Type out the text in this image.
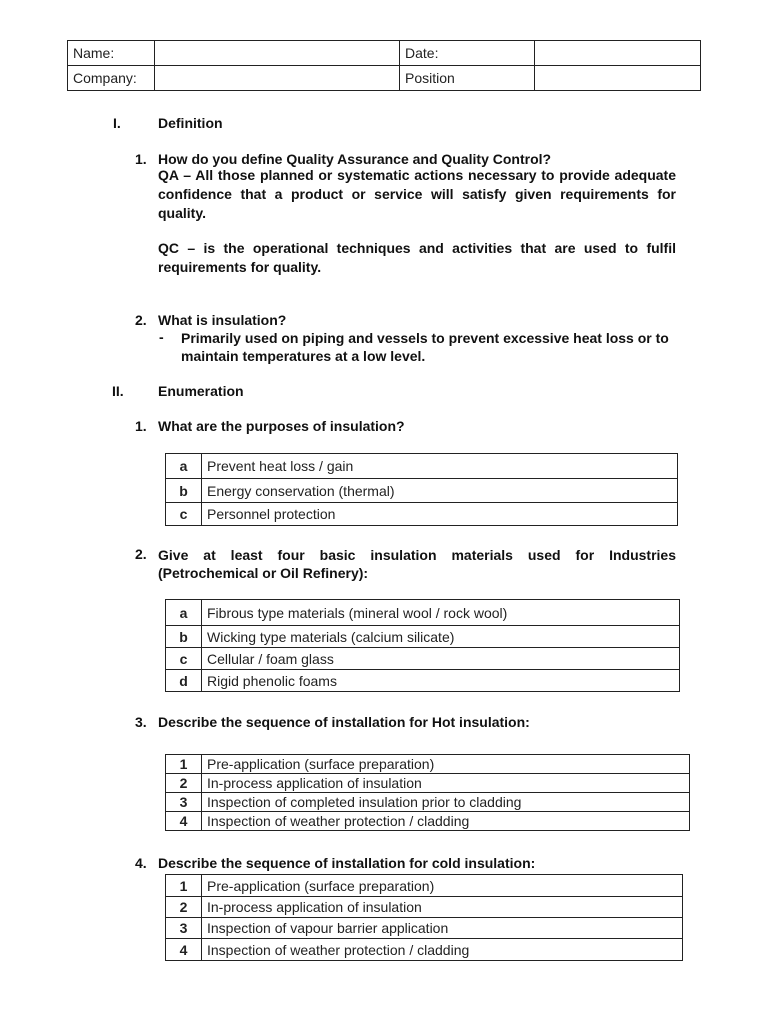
Name:		Date:	
Company:		Position	
I.	Definition
1. How do you define Quality Assurance and Quality Control?
QA – All those planned or systematic actions necessary to provide adequate confidence that a product or service will satisfy given requirements for quality.
QC – is the operational techniques and activities that are used to fulfil requirements for quality.
2. What is insulation?
- Primarily used on piping and vessels to prevent excessive heat loss or to maintain temperatures at a low level.
II. Enumeration
1. What are the purposes of insulation?
a	Prevent heat loss / gain
b	Energy conservation (thermal)
c	Personnel protection
2. Give at least four basic insulation materials used for Industries (Petrochemical or Oil Refinery):
a	Fibrous type materials (mineral wool / rock wool)
b	Wicking type materials (calcium silicate)
c	Cellular / foam glass
d	Rigid phenolic foams
3. Describe the sequence of installation for Hot insulation:
1	Pre-application (surface preparation)
2	In-process application of insulation
3	Inspection of completed insulation prior to cladding
4	Inspection of weather protection / cladding
4. Describe the sequence of installation for cold insulation:
1	Pre-application (surface preparation)
2	In-process application of insulation
3	Inspection of vapour barrier application
4	Inspection of weather protection / cladding
